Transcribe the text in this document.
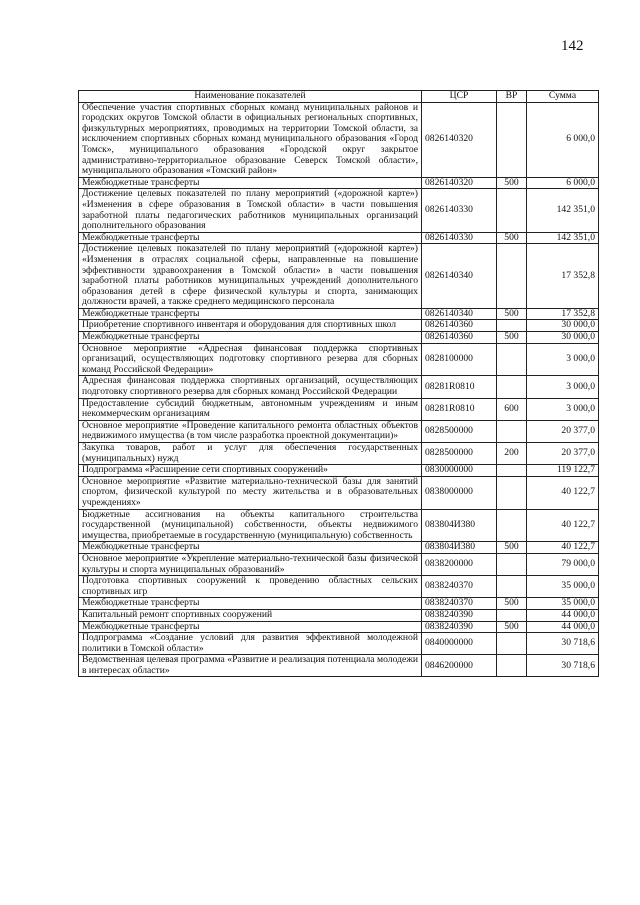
142
Наименование показателей	ЦСР	ВР	Сумма
Обеспечение участия спортивных сборных команд муниципальных районов и городских округов Томской области в официальных региональных спортивных, физкультурных мероприятиях, проводимых на территории Томской области, за исключением спортивных сборных команд муниципального образования «Город Томск», муниципального образования «Городской округ закрытое административно-территориальное образование Северск Томской области», муниципального образования «Томский район»	0826140320		6 000,0
Межбюджетные трансферты	0826140320	500	6 000,0
Достижение целевых показателей по плану мероприятий («дорожной карте») «Изменения в сфере образования в Томской области» в части повышения заработной платы педагогических работников муниципальных организаций дополнительного образования	0826140330		142 351,0
Межбюджетные трансферты	0826140330	500	142 351,0
Достижение целевых показателей по плану мероприятий («дорожной карте») «Изменения в отраслях социальной сферы, направленные на повышение эффективности здравоохранения в Томской области» в части повышения заработной платы работников муниципальных учреждений дополнительного образования детей в сфере физической культуры и спорта, занимающих должности врачей, а также среднего медицинского персонала	0826140340		17 352,8
Межбюджетные трансферты	0826140340	500	17 352,8
Приобретение спортивного инвентаря и оборудования для спортивных школ	0826140360		30 000,0
Межбюджетные трансферты	0826140360	500	30 000,0
Основное мероприятие «Адресная финансовая поддержка спортивных организаций, осуществляющих подготовку спортивного резерва для сборных команд Российской Федерации»	0828100000		3 000,0
Адресная финансовая поддержка спортивных организаций, осуществляющих подготовку спортивного резерва для сборных команд Российской Федерации	08281R0810		3 000,0
Предоставление субсидий бюджетным, автономным учреждениям и иным некоммерческим организациям	08281R0810	600	3 000,0
Основное мероприятие «Проведение капитального ремонта областных объектов недвижимого имущества (в том числе разработка проектной документации)»	0828500000		20 377,0
Закупка товаров, работ и услуг для обеспечения государственных (муниципальных) нужд	0828500000	200	20 377,0
Подпрограмма «Расширение сети спортивных сооружений»	0830000000		119 122,7
Основное мероприятие «Развитие материально-технической базы для занятий спортом, физической культурой по месту жительства и в образовательных учреждениях»	0838000000		40 122,7
Бюджетные ассигнования на объекты капитального строительства государственной (муниципальной) собственности, объекты недвижимого имущества, приобретаемые в государственную (муниципальную) собственность	083804И380		40 122,7
Межбюджетные трансферты	083804И380	500	40 122,7
Основное мероприятие «Укрепление материально-технической базы физической культуры и спорта муниципальных образований»	0838200000		79 000,0
Подготовка спортивных сооружений к проведению областных сельских спортивных игр	0838240370		35 000,0
Межбюджетные трансферты	0838240370	500	35 000,0
Капитальный ремонт спортивных сооружений	0838240390		44 000,0
Межбюджетные трансферты	0838240390	500	44 000,0
Подпрограмма «Создание условий для развития эффективной молодежной политики в Томской области»	0840000000		30 718,6
Ведомственная целевая программа «Развитие и реализация потенциала молодежи в интересах области»	0846200000		30 718,6
